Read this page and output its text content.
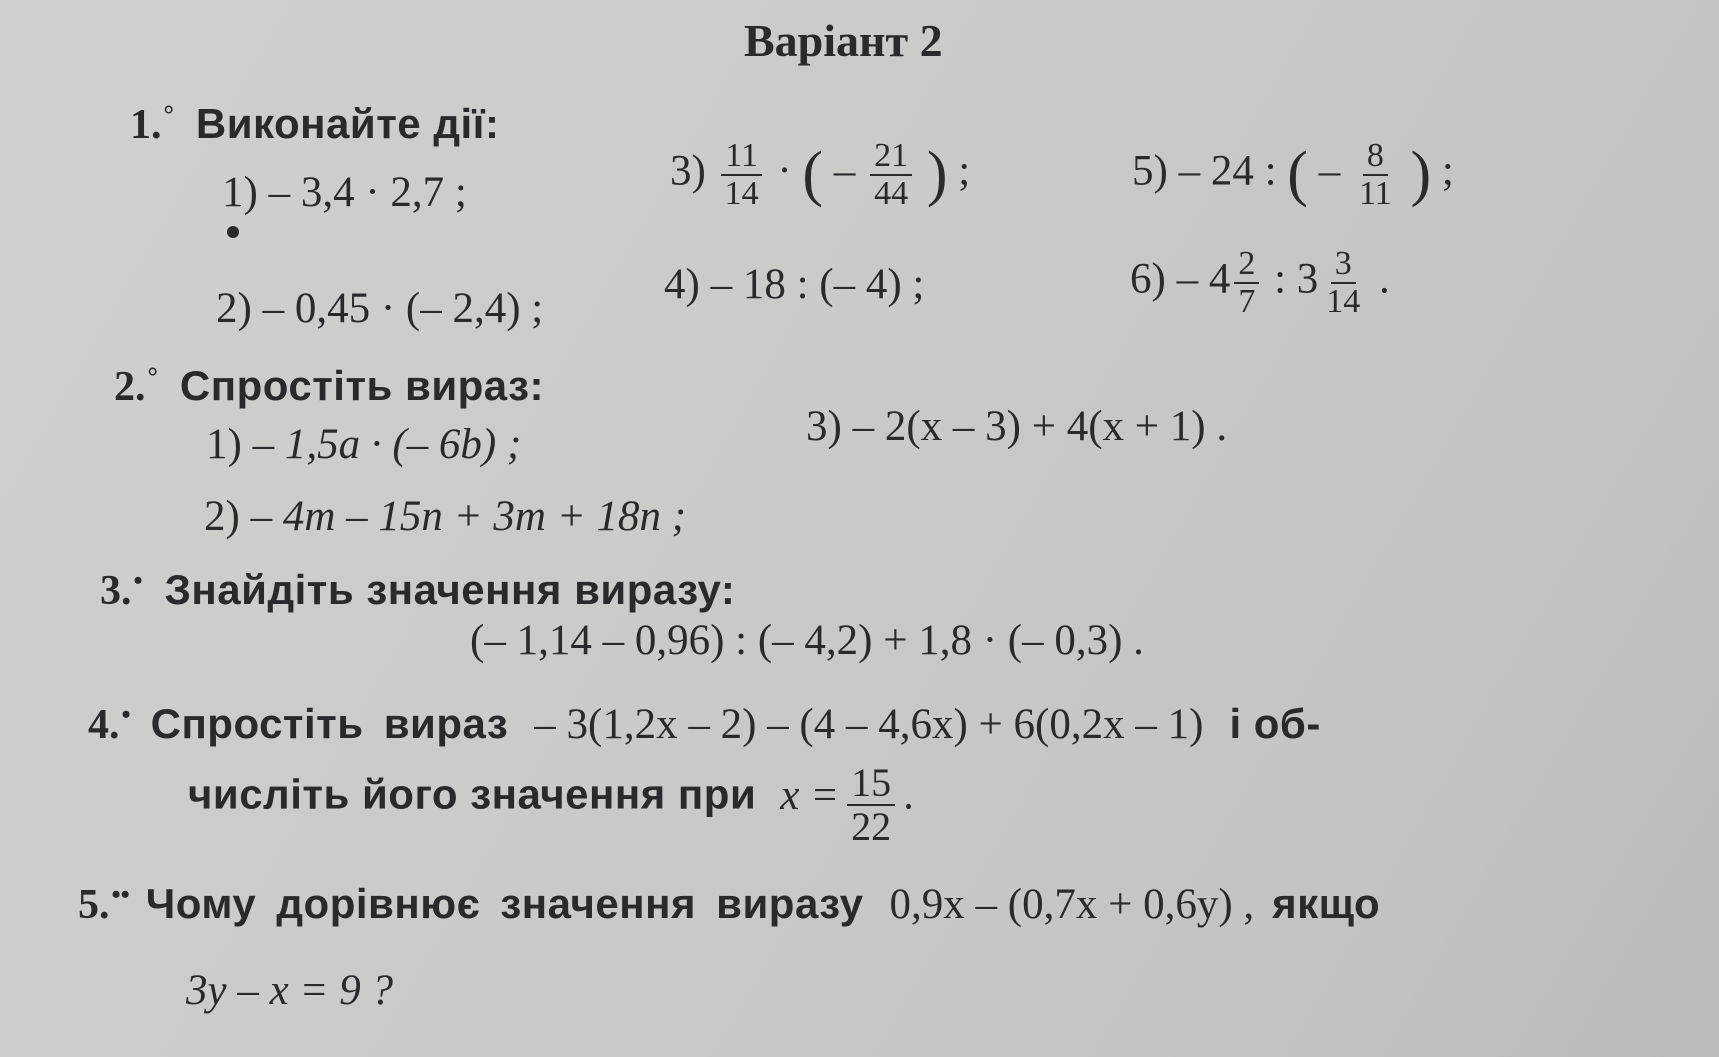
Варіант 2
1.° Виконайте дії:
1) – 3,4 · 2,7 ;
2) – 0,45 · (– 2,4) ;
$3) \frac{11}{14}$ · ( – $\frac{21}{44}$ ) ;
4) – 18 : (– 4) ;
5) – 24 : ( – $\frac{8}{11}$ ) ;
$6) - 4 \frac{2}{7}$ : $3 \frac{3}{14}$ .
2.° Спростіть вираз:
1) – 1,5a · (– 6b) ;
2) – 4m – 15n + 3m + 18n ;
3) – 2(x – 3) + 4(x + 1) .
3.• Знайдіть значення виразу:
(– 1,14 – 0,96) : (– 4,2) + 1,8 · (– 0,3) .
4.• Спростіть вираз – 3(1,2x – 2) – (4 – 4,6x) + 6(0,2x – 1) і об-
числіть його значення при $x = \frac{15}{22}$ .
5.•• Чому дорівнює значення виразу 0,9x – (0,7x + 0,6y) , якщо
3y – x = 9 ?
